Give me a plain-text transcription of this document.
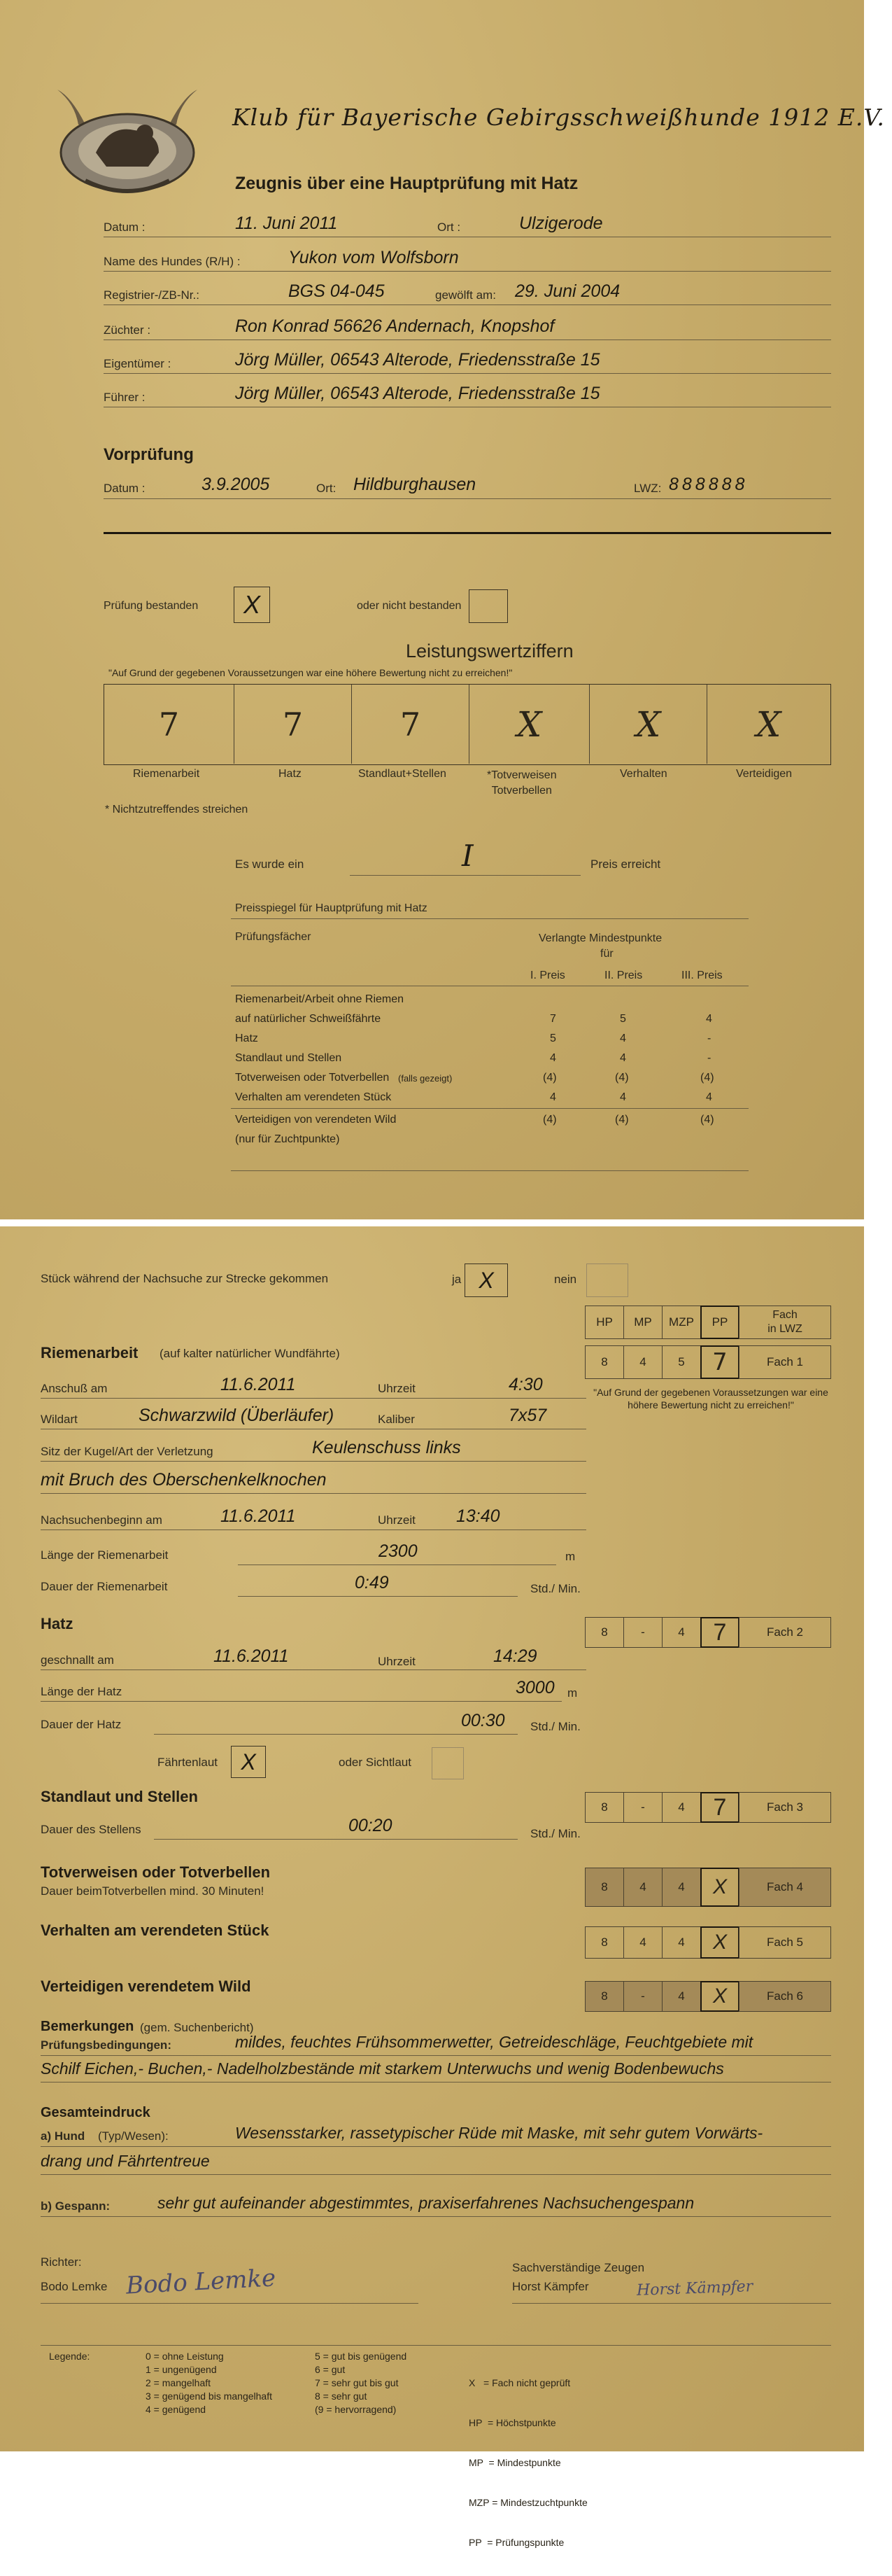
Klub für Bayerische Gebirgsschweißhunde 1912 E.V.
Zeugnis über eine Hauptprüfung mit Hatz
Datum :	11. Juni 2011	Ort :	Ulzigerode
Name des Hundes (R/H) :	Yukon vom Wolfsborn
Registrier-/ZB-Nr.:	BGS 04-045	gewölft am: 29. Juni 2004
Züchter :	Ron Konrad 56626 Andernach, Knopshof
Eigentümer :	Jörg Müller, 06543 Alterode, Friedensstraße 15
Führer :	Jörg Müller, 06543 Alterode, Friedensstraße 15
Vorprüfung
Datum :	3.9.2005	Ort: Hildburghausen	LWZ: 888888
Prüfung bestanden X	oder nicht bestanden
Leistungswertziffern
"Auf Grund der gegebenen Voraussetzungen war eine höhere Bewertung nicht zu erreichen!"
7	7	7	X	X	X
Riemenarbeit	Hatz	Standlaut+Stellen	*Totverweisen
Totverbellen
Verhalten	Verteidigen
* Nichtzutreffendes streichen
Es wurde ein	I	Preis erreicht
Preisspiegel für Hauptprüfung mit Hatz
Prüfungsfächer	Verlangte Mindestpunkte
für
I. Preis	II. Preis	III. Preis
Riemenarbeit/Arbeit ohne Riemen
auf natürlicher Schweißfährte	7	5	4
Hatz	5	4	-
Standlaut und Stellen	4	4	-
Totverweisen oder Totverbellen (falls gezeigt)	(4)	(4)	(4)
Verhalten am verendeten Stück	4	4	4
Verteidigen von verendeten Wild	(4)	(4)	(4)
(nur für Zuchtpunkte)
Stück während der Nachsuche zur Strecke gekommen	ja X	nein
HP	MP	MZP	PP
Fach
in LWZ
Riemenarbeit (auf kalter natürlicher Wundfährte)
8	4	5	7	Fach 1
"Auf Grund der gegebenen Voraussetzungen war eine höhere Bewertung nicht zu erreichen!"
Anschuß am	11.6.2011	Uhrzeit	4:30
Wildart	Schwarzwild (Überläufer)	Kaliber	7x57
Sitz der Kugel/Art der Verletzung	Keulenschuss links
mit Bruch des Oberschenkelknochen
Nachsuchenbeginn am	11.6.2011	Uhrzeit 13:40
Länge der Riemenarbeit	2300	m
Dauer der Riemenarbeit	0:49	Std./ Min.
Hatz	8	-	4	7	Fach 2
geschnallt am	11.6.2011	Uhrzeit	14:29
Länge der Hatz	3000 m
Dauer der Hatz	00:30 Std./ Min.
Fährtenlaut X	oder Sichtlaut
Standlaut und Stellen
8	-	4	7	Fach 3
Dauer des Stellens	00:20	Std./ Min.
Totverweisen oder Totverbellen
Dauer beimTotverbellen mind. 30 Minuten!	8	4	4	X	Fach 4
Verhalten am verendeten Stück
8	4	4	X	Fach 5
Verteidigen verendetem Wild
8	-	4	X	Fach 6
Bemerkungen (gem. Suchenbericht)
Prüfungsbedingungen:	mildes, feuchtes Frühsommerwetter, Getreideschläge, Feuchtgebiete mit
Schilf Eichen,- Buchen,- Nadelholzbestände mit starkem Unterwuchs und wenig Bodenbewuchs
Gesamteindruck
a) Hund (Typ/Wesen):	Wesensstarker, rassetypischer Rüde mit Maske, mit sehr gutem Vorwärts-
drang und Fährtentreue
b) Gespann:	sehr gut aufeinander abgestimmtes, praxiserfahrenes Nachsuchengespann
Richter:
Bodo Lemke Bodo Lemke	Sachverständige Zeugen
Horst Kämpfer	Horst Kämpfer
Legende:	0 = ohne Leistung
1 = ungenügend
2 = mangelhaft
3 = genügend bis mangelhaft
4 = genügend
5 = gut bis genügend
6 = gut
7 = sehr gut bis gut
8 = sehr gut
(9 = hervorragend)

X   = Fach nicht geprüft

HP  = Höchstpunkte

MP  = Mindestpunkte

MZP = Mindestzuchtpunkte

PP  = Prüfungspunkte
